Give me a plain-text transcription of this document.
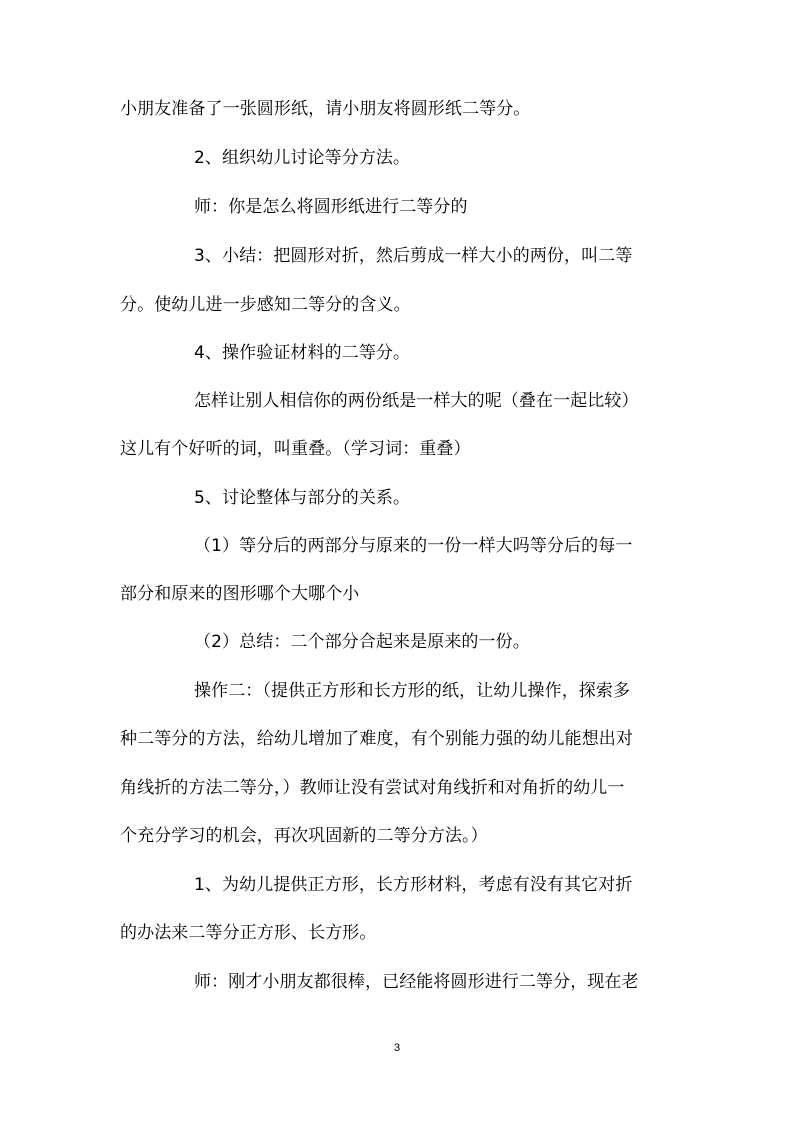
小朋友准备了一张圆形纸，请小朋友将圆形纸二等分。
2、组织幼儿讨论等分方法。
师：你是怎么将圆形纸进行二等分的
3、小结：把圆形对折，然后剪成一样大小的两份，叫二等
分。使幼儿进一步感知二等分的含义。
4、操作验证材料的二等分。
怎样让别人相信你的两份纸是一样大的呢（叠在一起比较）
这儿有个好听的词，叫重叠。（学习词：重叠）
5、讨论整体与部分的关系。
（1）等分后的两部分与原来的一份一样大吗等分后的每一
部分和原来的图形哪个大哪个小
（2）总结：二个部分合起来是原来的一份。
操作二：（提供正方形和长方形的纸，让幼儿操作，探索多
种二等分的方法，给幼儿增加了难度，有个别能力强的幼儿能想出对
角线折的方法二等分，）教师让没有尝试对角线折和对角折的幼儿一
个充分学习的机会，再次巩固新的二等分方法。）
1、为幼儿提供正方形，长方形材料，考虑有没有其它对折
的办法来二等分正方形、长方形。
师：刚才小朋友都很棒，已经能将圆形进行二等分，现在老
3
